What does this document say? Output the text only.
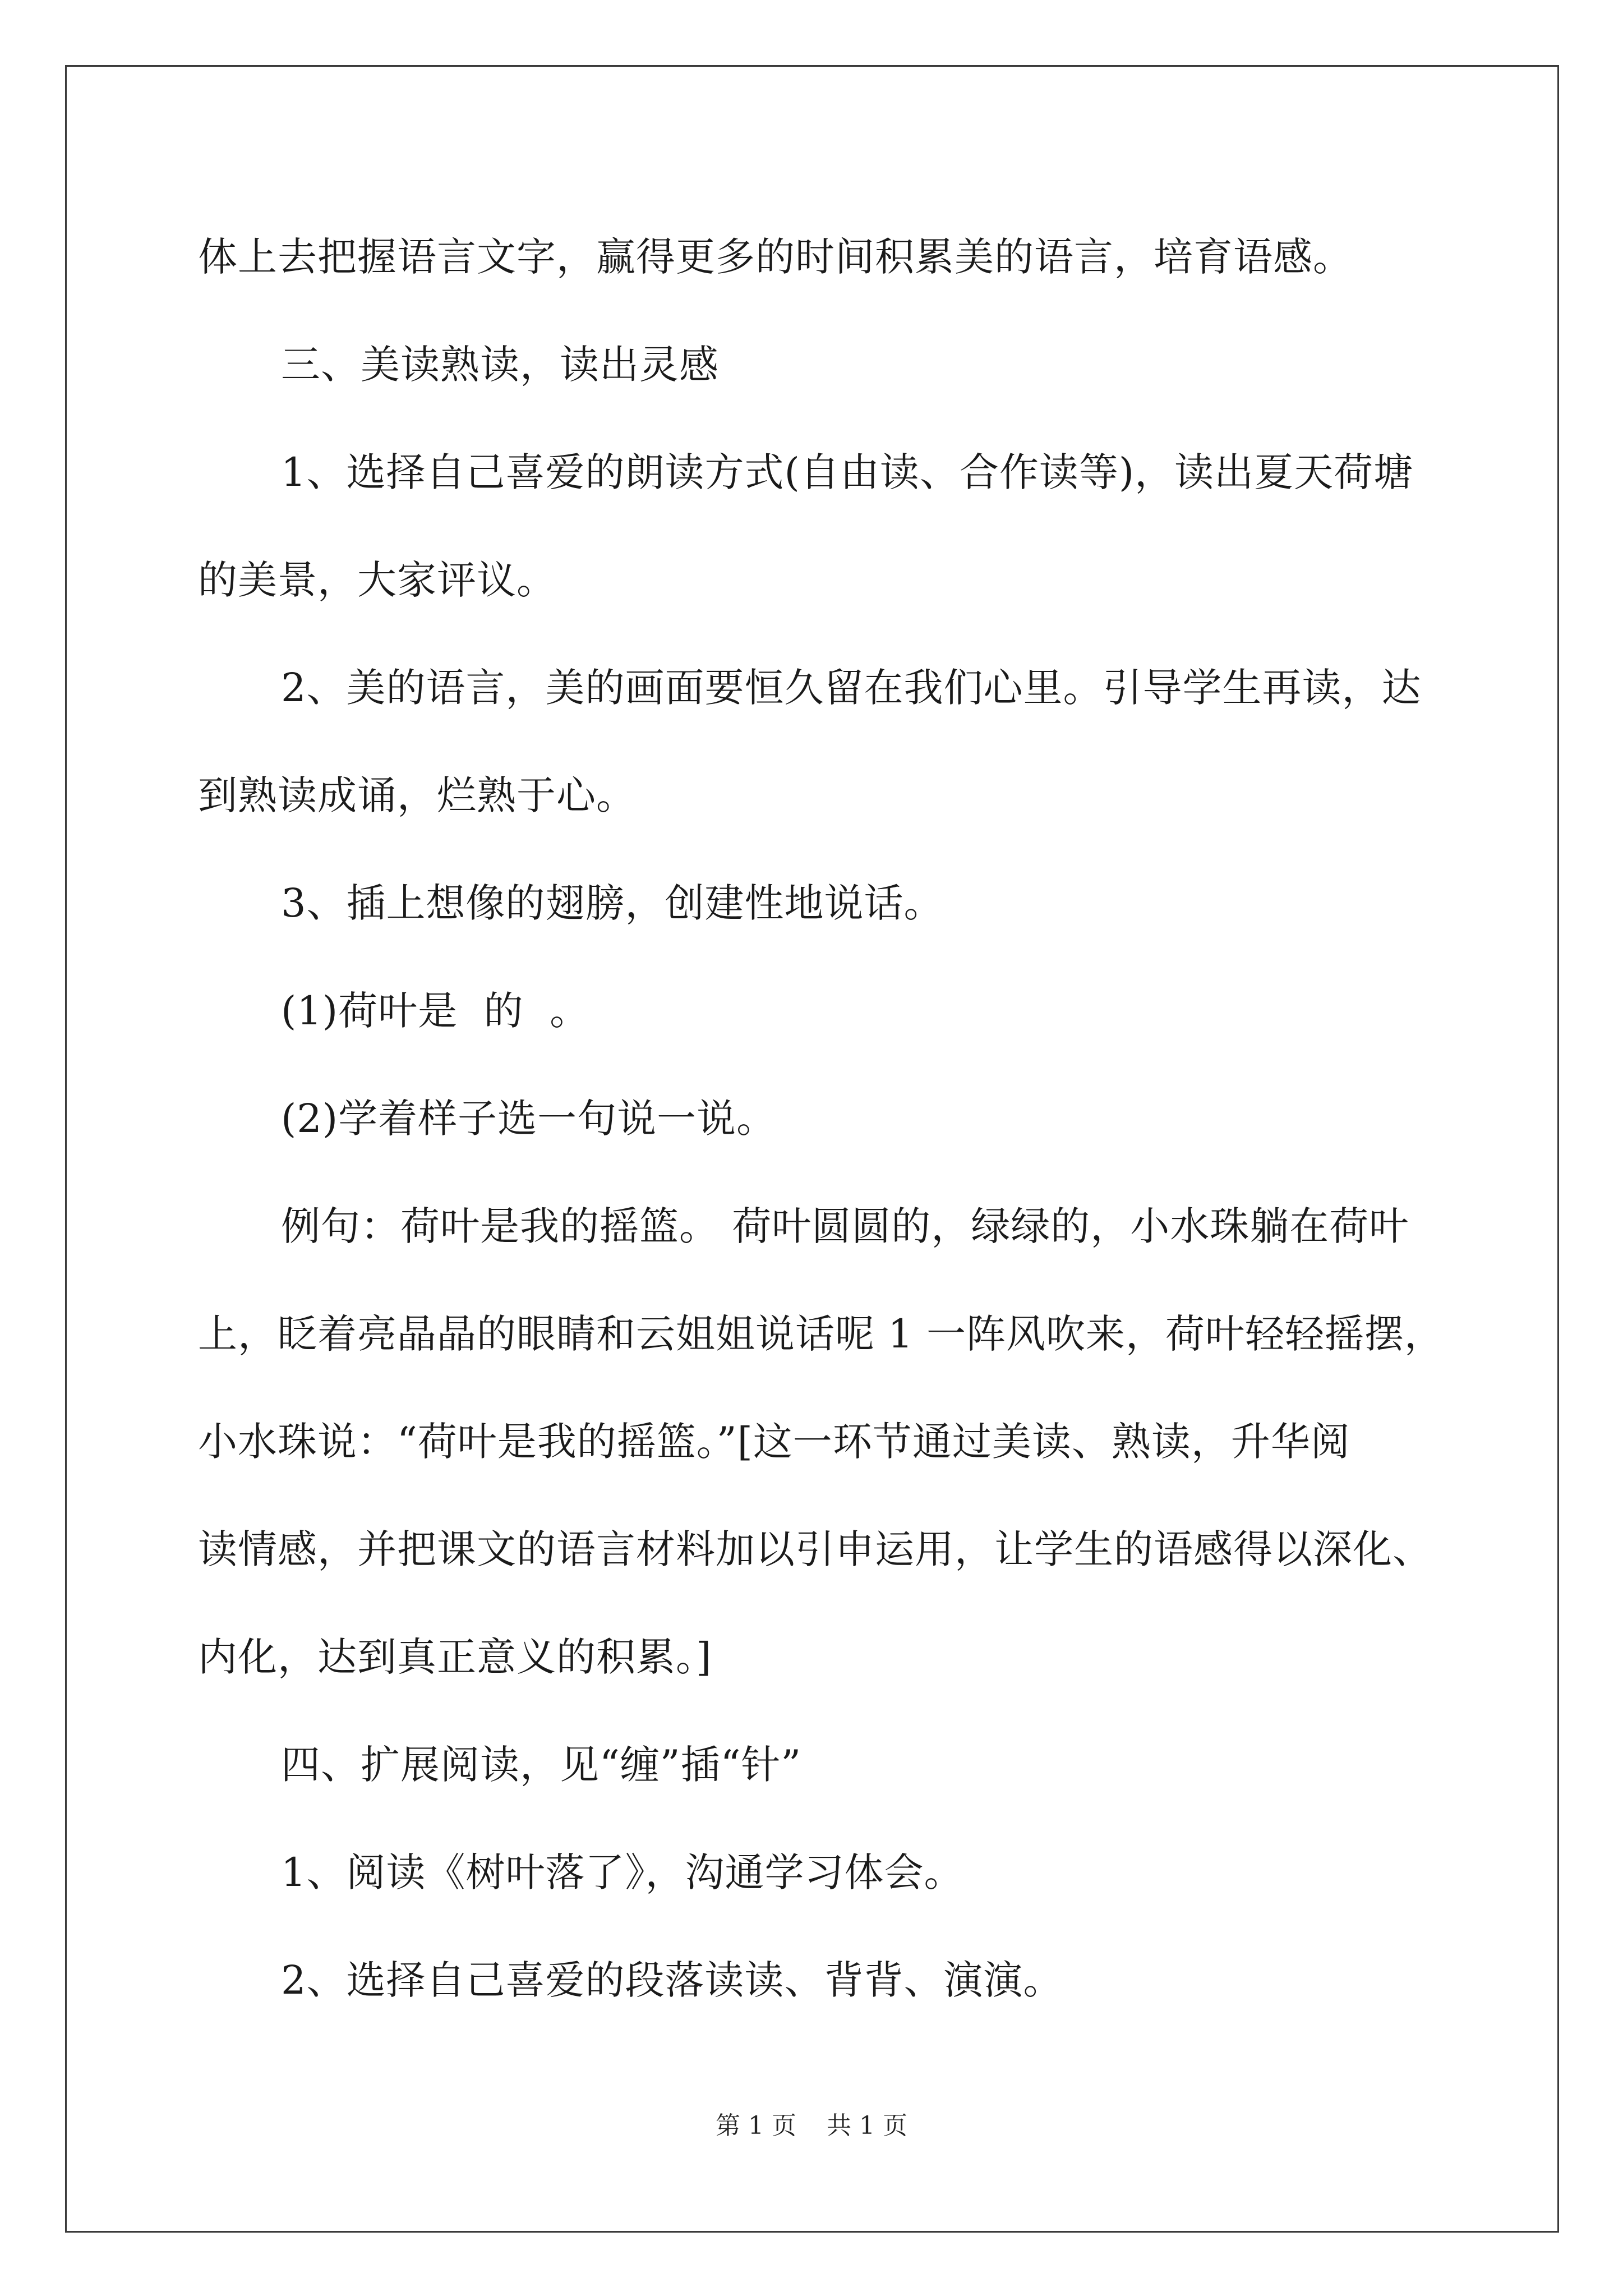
体上去把握语言文字，赢得更多的时间积累美的语言，培育语感。
三、美读熟读，读出灵感
1、选择自己喜爱的朗读方式(自由读、合作读等)，读出夏天荷塘
的美景，大家评议。
2、美的语言，美的画面要恒久留在我们心里。引导学生再读，达
到熟读成诵，烂熟于心。
3、插上想像的翅膀，创建性地说话。
(1)荷叶是  的  。
(2)学着样子选一句说一说。
例句：荷叶是我的摇篮。 荷叶圆圆的，绿绿的，小水珠躺在荷叶
上，眨着亮晶晶的眼睛和云姐姐说话呢 1 一阵风吹来，荷叶轻轻摇摆，
小水珠说：“荷叶是我的摇篮。”[这一环节通过美读、熟读，升华阅
读情感，并把课文的语言材料加以引申运用，让学生的语感得以深化、
内化，达到真正意义的积累。]
四、扩展阅读，见“缠”插“针”
1、阅读《树叶落了》，沟通学习体会。
2、选择自己喜爱的段落读读、背背、演演。
第 1 页 共 1 页
